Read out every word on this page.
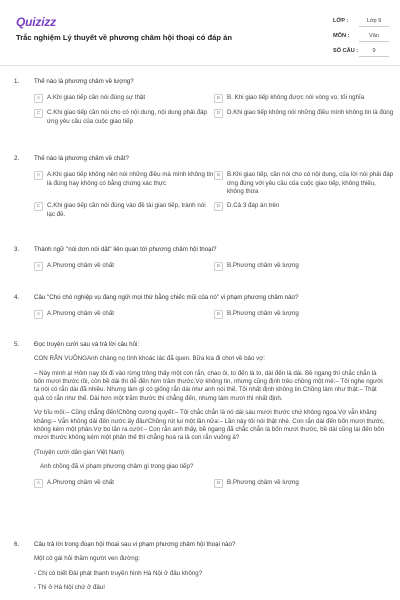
Quizizz
Trắc nghiệm Lý thuyết về phương châm hội thoại có đáp án
LỚP :	Lớp 9
MÔN :	Văn
SỐ CÂU :	9
1.	Thế nào là phương châm về lượng?
A	A.Khi giao tiếp cần nói đúng sự thật	B	B. Khi giao tiếp không được nói vòng vo, tối nghĩa
C	C.Khi giao tiếp cần nói cho có nội dung, nội dung phải đáp ứng yêu cầu của cuộc giao tiếp
D	D.Khi giao tiếp không nói những điều mình không tin là đúng
2.	Thế nào là phương châm về chất?
A	A.Khi giao tiếp không nên nói những điều mà mình không tin là đúng hay không có bằng chứng xác thực
B	B.Khi giao tiếp, cần nói cho có nội dung, của lời nói phải đáp ứng đúng với yêu cầu của cuộc giao tiếp, không thiếu, không thừa
C	C.Khi giao tiếp cần nói đúng vào đề tài giao tiếp, tránh nói lạc đề.
D	D.Cả 3 đáp án trên
3.	Thành ngữ "nói dơn nói dặt" liên quan tới phương châm hội thoại?
A	A.Phương châm về chất	B	B.Phương châm về lượng
4.	Câu "Chú chó nghiệp vụ đang ngửi mọi thứ bằng chiếc mũi của nó" vi phạm phương châm nào?
A	A.Phương châm về chất	B	B.Phương châm về lượng
5.	Đọc truyện cười sau và trả lời câu hỏi:

CON RẮN VUÔNGAnh chàng nọ tính khoác lác đã quen. Bữa kia đi chơi về bảo vợ:

– Này mình ạ! Hôm nay tôi đi vào rừng trông thấy một con rắn, chao ôi, to đến là to, dài đến là dài. Bề ngang thì chắc chắn là bốn mươi thước rồi, còn bề dài thì dễ đến hơn trăm thước.Vợ không tin, nhưng cũng định trêu chồng một mẻ:– Tôi nghe người ta nói có rắn dài đã nhiều. Nhưng làm gì có giống rắn dài như anh nói thế. Tôi nhất định không tin.Chồng làm như thật:– Thật quả có rắn như thế. Dài hơn một trăm thước thì chẳng đến, nhưng tám mươi thì nhất định.

Vợ bĩu môi:– Cũng chẳng đến!Chồng cương quyết:– Tôi chắc chắn là nó dài sáu mươi thước chứ không ngoa.Vợ vẫn khăng khăng:– Vẫn không dài đến nước ấy đâu!Chồng rút lui một lần nữa:– Lần này tôi nói thật nhé. Con rắn dài đến bốn mươi thước, không kém một phân.Vợ bo lăn ra cười:– Con rắn anh thấy, bề ngang đã chắc chắn là bốn mươi thước, bề dài cũng lại đến bốn mươi thước không kém một phân thế thì chẳng hoá ra là con rắn vuông à?

(Truyện cười dân gian Việt Nam)

Anh chồng đã vi phạm phương châm gì trong giao tiếp?

A	A.Phương châm về chất	B	B.Phương châm về lượng
6.	Câu trả lời trong đoạn hội thoại sau vi phạm phương châm hội thoại nào?

Một cô gái hỏi thăm người ven đường:

- Chị có biết Đài phát thanh truyền hình Hà Nội ở đâu không?

- Thì ở Hà Nội chứ ở đâu!
